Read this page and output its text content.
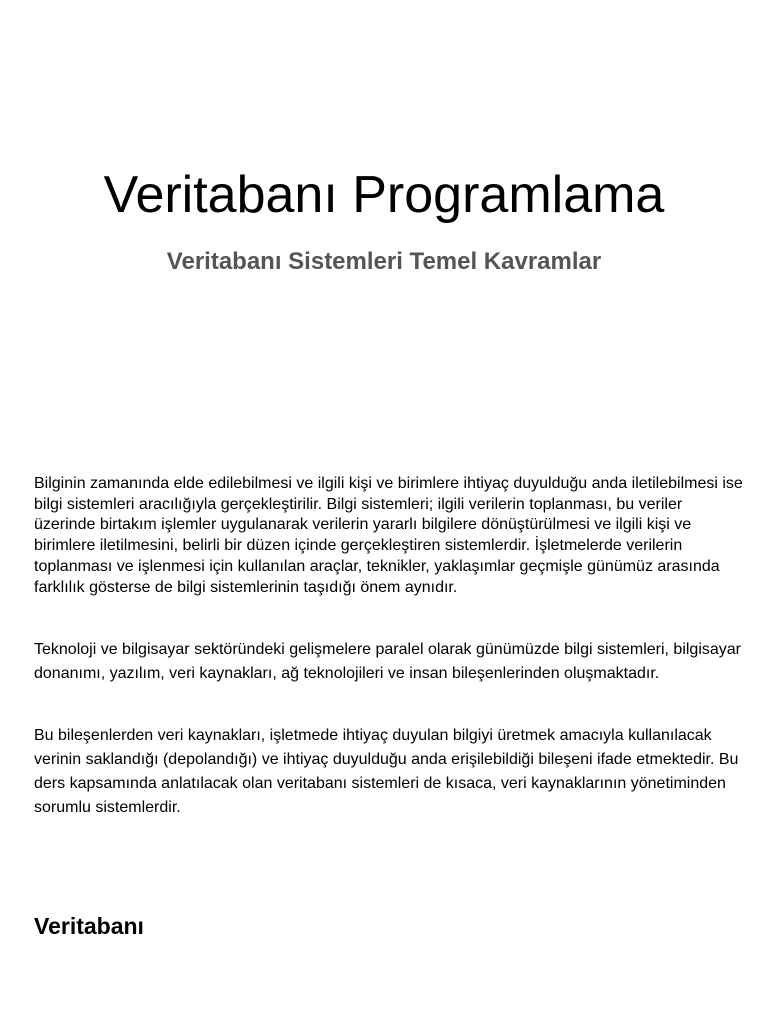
Veritabanı Programlama
Veritabanı Sistemleri Temel Kavramlar

Bilginin zamanında elde edilebilmesi ve ilgili kişi ve birimlere ihtiyaç duyulduğu anda iletilebilmesi ise bilgi sistemleri aracılığıyla gerçekleştirilir. Bilgi sistemleri; ilgili verilerin toplanması, bu veriler üzerinde birtakım işlemler uygulanarak verilerin yararlı bilgilere dönüştürülmesi ve ilgili kişi ve birimlere iletilmesini, belirli bir düzen içinde gerçekleştiren sistemlerdir. İşletmelerde verilerin toplanması ve işlenmesi için kullanılan araçlar, teknikler, yaklaşımlar geçmişle günümüz arasında farklılık gösterse de bilgi sistemlerinin taşıdığı önem aynıdır.

Teknoloji ve bilgisayar sektöründeki gelişmelere paralel olarak günümüzde bilgi sistemleri, bilgisayar donanımı, yazılım, veri kaynakları, ağ teknolojileri ve insan bileşenlerinden oluşmaktadır.

Bu bileşenlerden veri kaynakları, işletmede ihtiyaç duyulan bilgiyi üretmek amacıyla kullanılacak verinin saklandığı (depolandığı) ve ihtiyaç duyulduğu anda erişilebildiği bileşeni ifade etmektedir. Bu ders kapsamında anlatılacak olan veritabanı sistemleri de kısaca, veri kaynaklarının yönetiminden sorumlu sistemlerdir.

Veritabanı
